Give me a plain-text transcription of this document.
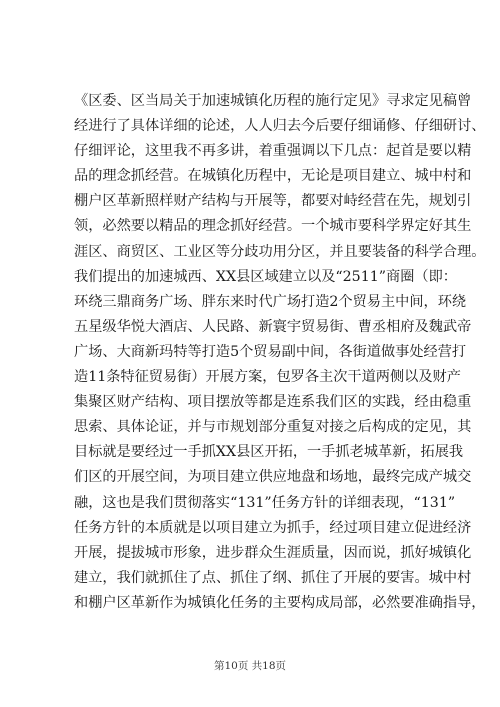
《区委、区当局关于加速城镇化历程的施行定见》寻求定见稿曾
经进行了具体详细的论述，人人归去今后要仔细诵修、仔细研讨、
仔细评论，这里我不再多讲，着重强调以下几点：起首是要以精
品的理念抓经营。在城镇化历程中，无论是项目建立、城中村和
棚户区革新照样财产结构与开展等，都要对峙经营在先，规划引
领，必然要以精品的理念抓好经营。一个城市要科学界定好其生
涯区、商贸区、工业区等分歧功用分区，并且要装备的科学合理。
我们提出的加速城西、XX县区域建立以及“2511”商圈（即：
环绕三鼎商务广场、胖东来时代广场打造2个贸易主中间，环绕
五星级华悦大酒店、人民路、新寰宇贸易街、曹丞相府及魏武帝
广场、大商新玛特等打造5个贸易副中间，各街道做事处经营打
造11条特征贸易街）开展方案，包罗各主次干道两侧以及财产
集聚区财产结构、项目摆放等都是连系我们区的实践，经由稳重
思索、具体论证，并与市规划部分重复对接之后构成的定见，其
目标就是要经过一手抓XX县区开拓，一手抓老城革新，拓展我
们区的开展空间，为项目建立供应地盘和场地，最终完成产城交
融，这也是我们贯彻落实“131”任务方针的详细表现，“131”
任务方针的本质就是以项目建立为抓手，经过项目建立促进经济
开展，提拔城市形象，进步群众生涯质量，因而说，抓好城镇化
建立，我们就抓住了点、抓住了纲、抓住了开展的要害。城中村
和棚户区革新作为城镇化任务的主要构成局部，必然要准确指导，
第10页 共18页
